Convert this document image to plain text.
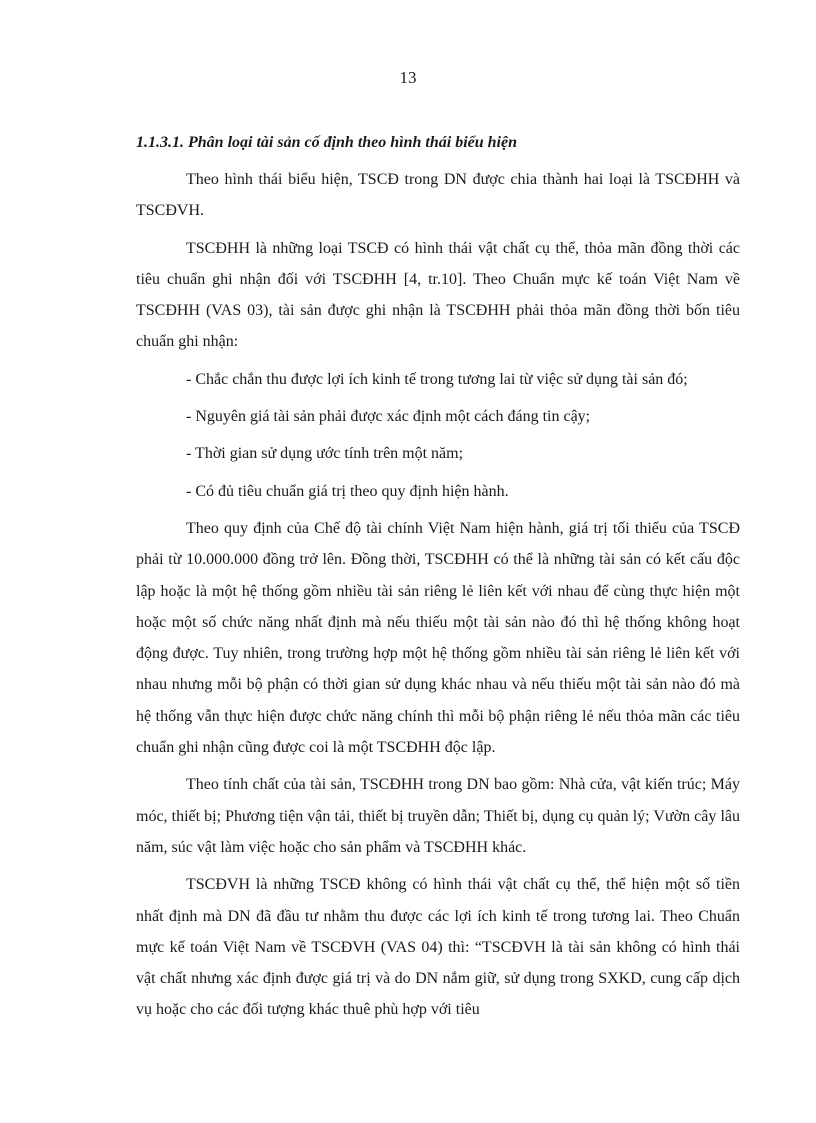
13
1.1.3.1. Phân loại tài sản cố định theo hình thái biểu hiện

Theo hình thái biểu hiện, TSCĐ trong DN được chia thành hai loại là TSCĐHH và TSCĐVH.

TSCĐHH là những loại TSCĐ có hình thái vật chất cụ thể, thỏa mãn đồng thời các tiêu chuẩn ghi nhận đối với TSCĐHH [4, tr.10]. Theo Chuẩn mực kế toán Việt Nam về TSCĐHH (VAS 03), tài sản được ghi nhận là TSCĐHH phải thỏa mãn đồng thời bốn tiêu chuẩn ghi nhận:

- Chắc chắn thu được lợi ích kinh tế trong tương lai từ việc sử dụng tài sản đó;

- Nguyên giá tài sản phải được xác định một cách đáng tin cậy;

- Thời gian sử dụng ước tính trên một năm;

- Có đủ tiêu chuẩn giá trị theo quy định hiện hành.

Theo quy định của Chế độ tài chính Việt Nam hiện hành, giá trị tối thiểu của TSCĐ phải từ 10.000.000 đồng trở lên. Đồng thời, TSCĐHH có thể là những tài sản có kết cấu độc lập hoặc là một hệ thống gồm nhiều tài sản riêng lẻ liên kết với nhau để cùng thực hiện một hoặc một số chức năng nhất định mà nếu thiếu một tài sản nào đó thì hệ thống không hoạt động được. Tuy nhiên, trong trường hợp một hệ thống gồm nhiều tài sản riêng lẻ liên kết với nhau nhưng mỗi bộ phận có thời gian sử dụng khác nhau và nếu thiếu một tài sản nào đó mà hệ thống vẫn thực hiện được chức năng chính thì mỗi bộ phận riêng lẻ nếu thỏa mãn các tiêu chuẩn ghi nhận cũng được coi là một TSCĐHH độc lập.

Theo tính chất của tài sản, TSCĐHH trong DN bao gồm: Nhà cửa, vật kiến trúc; Máy móc, thiết bị; Phương tiện vận tải, thiết bị truyền dẫn; Thiết bị, dụng cụ quản lý; Vườn cây lâu năm, súc vật làm việc hoặc cho sản phẩm và TSCĐHH khác.

TSCĐVH là những TSCĐ không có hình thái vật chất cụ thể, thể hiện một số tiền nhất định mà DN đã đầu tư nhằm thu được các lợi ích kinh tế trong tương lai. Theo Chuẩn mực kế toán Việt Nam về TSCĐVH (VAS 04) thì: “TSCĐVH là tài sản không có hình thái vật chất nhưng xác định được giá trị và do DN nắm giữ, sử dụng trong SXKD, cung cấp dịch vụ hoặc cho các đối tượng khác thuê phù hợp với tiêu
